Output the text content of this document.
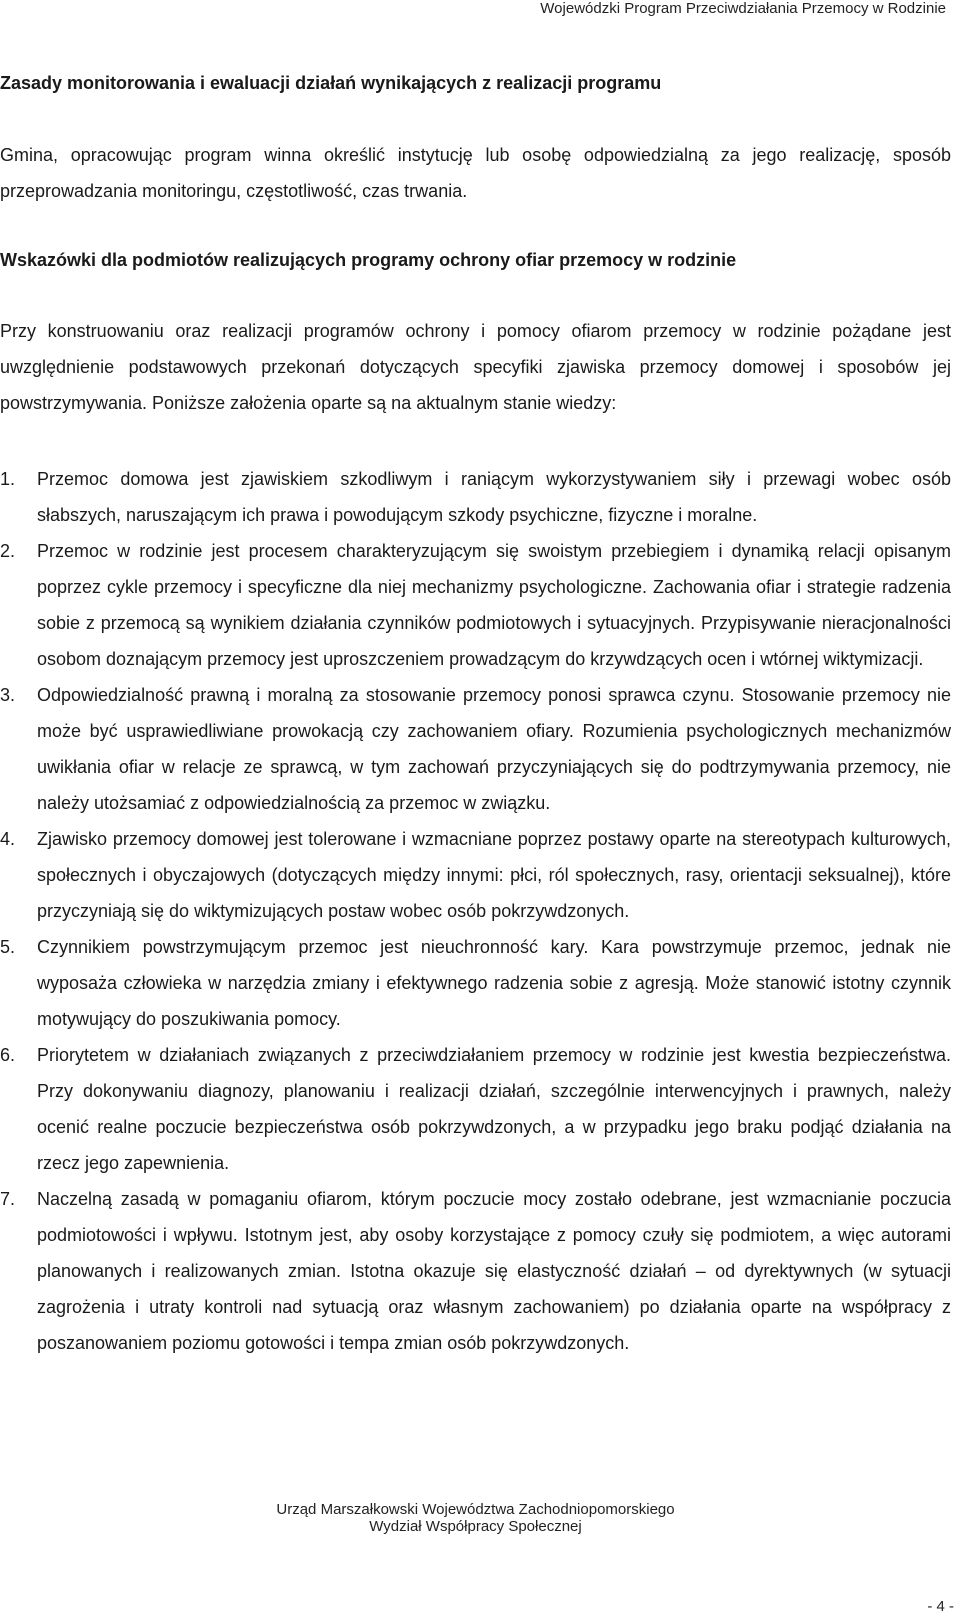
Wojewódzki Program Przeciwdziałania Przemocy w Rodzinie
Zasady monitorowania i ewaluacji działań wynikających z realizacji programu

Gmina, opracowując program winna określić instytucję lub osobę odpowiedzialną za jego realizację, sposób przeprowadzania monitoringu, częstotliwość, czas trwania.

Wskazówki dla podmiotów realizujących programy ochrony ofiar przemocy w rodzinie

Przy konstruowaniu oraz realizacji programów ochrony i pomocy ofiarom przemocy w rodzinie pożądane jest uwzględnienie podstawowych przekonań dotyczących specyfiki zjawiska przemocy domowej i sposobów jej powstrzymywania. Poniższe założenia oparte są na aktualnym stanie wiedzy:

1. Przemoc domowa jest zjawiskiem szkodliwym i raniącym wykorzystywaniem siły i przewagi wobec osób słabszych, naruszającym ich prawa i powodującym szkody psychiczne, fizyczne i moralne.
2. Przemoc w rodzinie jest procesem charakteryzującym się swoistym przebiegiem i dynamiką relacji opisanym poprzez cykle przemocy i specyficzne dla niej mechanizmy psychologiczne. Zachowania ofiar i strategie radzenia sobie z przemocą są wynikiem działania czynników podmiotowych i sytuacyjnych. Przypisywanie nieracjonalności osobom doznającym przemocy jest uproszczeniem prowadzącym do krzywdzących ocen i wtórnej wiktymizacji.
3. Odpowiedzialność prawną i moralną za stosowanie przemocy ponosi sprawca czynu. Stosowanie przemocy nie może być usprawiedliwiane prowokacją czy zachowaniem ofiary. Rozumienia psychologicznych mechanizmów uwikłania ofiar w relacje ze sprawcą, w tym zachowań przyczyniających się do podtrzymywania przemocy, nie należy utożsamiać z odpowiedzialnością za przemoc w związku.
4. Zjawisko przemocy domowej jest tolerowane i wzmacniane poprzez postawy oparte na stereotypach kulturowych, społecznych i obyczajowych (dotyczących między innymi: płci, ról społecznych, rasy, orientacji seksualnej), które przyczyniają się do wiktymizujących postaw wobec osób pokrzywdzonych.
5. Czynnikiem powstrzymującym przemoc jest nieuchronność kary. Kara powstrzymuje przemoc, jednak nie wyposaża człowieka w narzędzia zmiany i efektywnego radzenia sobie z agresją. Może stanowić istotny czynnik motywujący do poszukiwania pomocy.
6. Priorytetem w działaniach związanych z przeciwdziałaniem przemocy w rodzinie jest kwestia bezpieczeństwa. Przy dokonywaniu diagnozy, planowaniu i realizacji działań, szczególnie interwencyjnych i prawnych, należy ocenić realne poczucie bezpieczeństwa osób pokrzywdzonych, a w przypadku jego braku podjąć działania na rzecz jego zapewnienia.
7. Naczelną zasadą w pomaganiu ofiarom, którym poczucie mocy zostało odebrane, jest wzmacnianie poczucia podmiotowości i wpływu. Istotnym jest, aby osoby korzystające z pomocy czuły się podmiotem, a więc autorami planowanych i realizowanych zmian. Istotna okazuje się elastyczność działań – od dyrektywnych (w sytuacji zagrożenia i utraty kontroli nad sytuacją oraz własnym zachowaniem) po działania oparte na współpracy z poszanowaniem poziomu gotowości i tempa zmian osób pokrzywdzonych.
Urząd Marszałkowski Województwa Zachodniopomorskiego
Wydział Współpracy Społecznej
- 4 -
